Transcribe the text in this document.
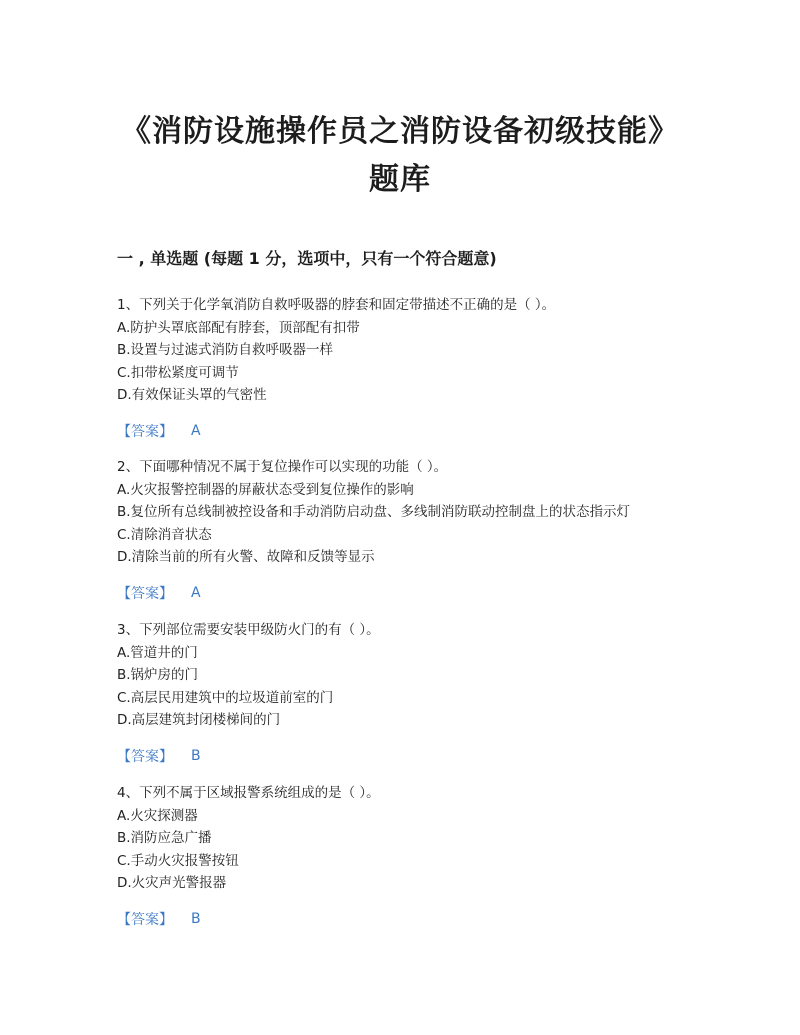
《消防设施操作员之消防设备初级技能》题库
一 , 单选题 (每题 1 分，选项中，只有一个符合题意)
1、下列关于化学氧消防自救呼吸器的脖套和固定带描述不正确的是（ ）。
A.防护头罩底部配有脖套，顶部配有扣带
B.设置与过滤式消防自救呼吸器一样
C.扣带松紧度可调节
D.有效保证头罩的气密性
【答案】 A
2、下面哪种情况不属于复位操作可以实现的功能（ ）。
A.火灾报警控制器的屏蔽状态受到复位操作的影响
B.复位所有总线制被控设备和手动消防启动盘、多线制消防联动控制盘上的状态指示灯
C.清除消音状态
D.清除当前的所有火警、故障和反馈等显示
【答案】 A
3、下列部位需要安装甲级防火门的有（ ）。
A.管道井的门
B.锅炉房的门
C.高层民用建筑中的垃圾道前室的门
D.高层建筑封闭楼梯间的门
【答案】 B
4、下列不属于区域报警系统组成的是（ ）。
A.火灾探测器
B.消防应急广播
C.手动火灾报警按钮
D.火灾声光警报器
【答案】 B
